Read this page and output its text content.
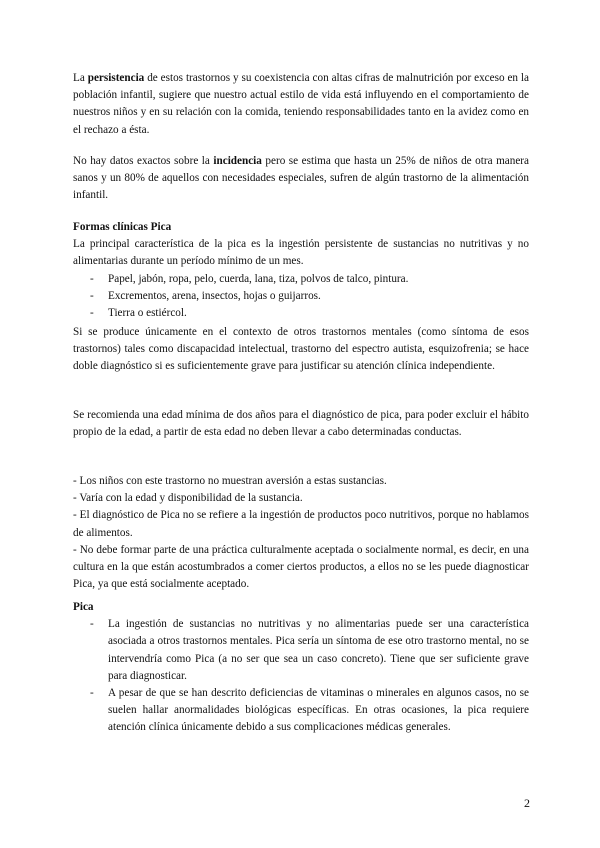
La persistencia de estos trastornos y su coexistencia con altas cifras de malnutrición por exceso en la población infantil, sugiere que nuestro actual estilo de vida está influyendo en el comportamiento de nuestros niños y en su relación con la comida, teniendo responsabilidades tanto en la avidez como en el rechazo a ésta.

No hay datos exactos sobre la incidencia pero se estima que hasta un 25% de niños de otra manera sanos y un 80% de aquellos con necesidades especiales, sufren de algún trastorno de la alimentación infantil.

Formas clínicas Pica

La principal característica de la pica es la ingestión persistente de sustancias no nutritivas y no alimentarias durante un período mínimo de un mes.

- Papel, jabón, ropa, pelo, cuerda, lana, tiza, polvos de talco, pintura.
- Excrementos, arena, insectos, hojas o guijarros.
- Tierra o estiércol.

Si se produce únicamente en el contexto de otros trastornos mentales (como síntoma de esos trastornos) tales como discapacidad intelectual, trastorno del espectro autista, esquizofrenia; se hace doble diagnóstico si es suficientemente grave para justificar su atención clínica independiente.

Se recomienda una edad mínima de dos años para el diagnóstico de pica, para poder excluir el hábito propio de la edad, a partir de esta edad no deben llevar a cabo determinadas conductas.

- Los niños con este trastorno no muestran aversión a estas sustancias.

- Varía con la edad y disponibilidad de la sustancia.

- El diagnóstico de Pica no se refiere a la ingestión de productos poco nutritivos, porque no hablamos de alimentos.

- No debe formar parte de una práctica culturalmente aceptada o socialmente normal, es decir, en una cultura en la que están acostumbrados a comer ciertos productos, a ellos no se les puede diagnosticar Pica, ya que está socialmente aceptado.

Pica

- La ingestión de sustancias no nutritivas y no alimentarias puede ser una característica asociada a otros trastornos mentales. Pica sería un síntoma de ese otro trastorno mental, no se intervendría como Pica (a no ser que sea un caso concreto). Tiene que ser suficiente grave para diagnosticar.
- A pesar de que se han descrito deficiencias de vitaminas o minerales en algunos casos, no se suelen hallar anormalidades biológicas específicas. En otras ocasiones, la pica requiere atención clínica únicamente debido a sus complicaciones médicas generales.
2
